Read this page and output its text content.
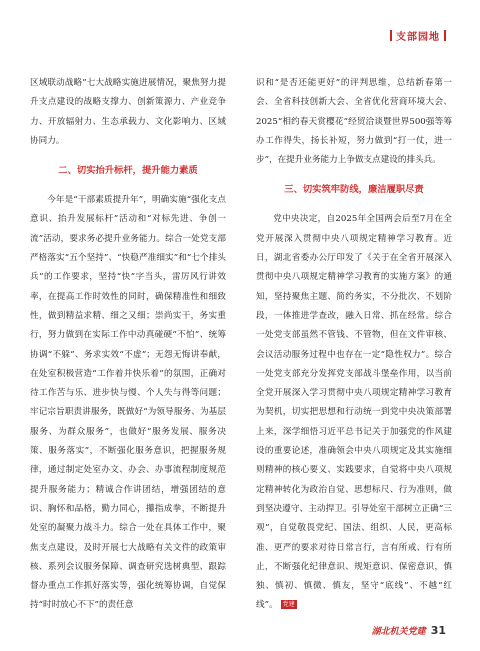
支部园地

区域联动战略”七大战略实施进展情况，聚焦努力提升支点建设的战略支撑力、创新策源力、产业竞争力、开放辐射力、生态承载力、文化影响力、区域协同力。

二、切实抬升标杆，提升能力素质

今年是“干部素质提升年”，明确实施“强化支点意识、抬升发展标杆”活动和“对标先进、争创一流”活动，要求务必提升业务能力。综合一处党支部严格落实“五个坚持”、“快稳严准细实”和“七个排头兵”的工作要求，坚持“快”字当头，雷厉风行讲效率，在提高工作时效性的同时，确保精准性和细致性，做到精益求精、细之又细；崇尚实干，务实重行，努力做到在实际工作中动真碰硬“不怕”、统筹协调“不躲”、务求实效“不虚”；无怨无悔讲奉献，在处室积极营造“工作着并快乐着”的氛围，正确对待工作苦与乐、进步快与慢、个人失与得等问题；牢记宗旨职责讲服务，既做好“为领导服务、为基层服务、为群众服务”，也做好“服务发展、服务决策、服务落实”，不断强化服务意识，把握服务规律，通过制定处室办文、办会、办事流程制度规范提升服务能力；精诚合作讲团结，增强团结的意识、胸怀和品格，勤力同心，攥指成拳，不断提升处室的凝聚力战斗力。综合一处在具体工作中，聚焦支点建设，及时开展七大战略有关文件的政策审核、系列会议服务保障、调查研究选树典型、跟踪督办重点工作抓好落实等，强化统筹协调，自觉保持“时时放心不下”的责任意

识和“是否还能更好”的评判思维，总结新春第一会、全省科技创新大会、全省优化营商环境大会、2025“相约春天赏樱花”经贸洽谈暨世界500强等筹办工作得失，扬长补短，努力做到“打一仗，进一步”，在提升业务能力上争做支点建设的排头兵。

三、切实筑牢防线，廉洁履职尽责

党中央决定，自2025年全国两会后至7月在全党开展深入贯彻中央八项规定精神学习教育。近日，湖北省委办公厅印发了《关于在全省开展深入贯彻中央八项规定精神学习教育的实施方案》的通知，坚持聚焦主题、简约务实，不分批次、不划阶段，一体推进学查改，融入日常、抓在经常。综合一处党支部虽然不管钱、不管物，但在文件审核、会议活动服务过程中也存在一定“隐性权力”。综合一处党支部充分发挥党支部战斗堡垒作用，以当前全党开展深入学习贯彻中央八项规定精神学习教育为契机，切实把思想和行动统一到党中央决策部署上来，深学细悟习近平总书记关于加强党的作风建设的重要论述，准确领会中央八项规定及其实施细则精神的核心要义、实践要求，自觉将中央八项规定精神转化为政治自觉、思想标尺、行为准则，做到坚决遵守、主动捍卫。引导处室干部树立正确“三观”，自觉敬畏党纪、国法、组织、人民，更高标准、更严的要求对待日常言行，言有所戒、行有所止，不断强化纪律意识、规矩意识、保密意识，慎独、慎初、慎微、慎友，坚守“底线”、不越“红线”。 党建

湖北机关党建 31
